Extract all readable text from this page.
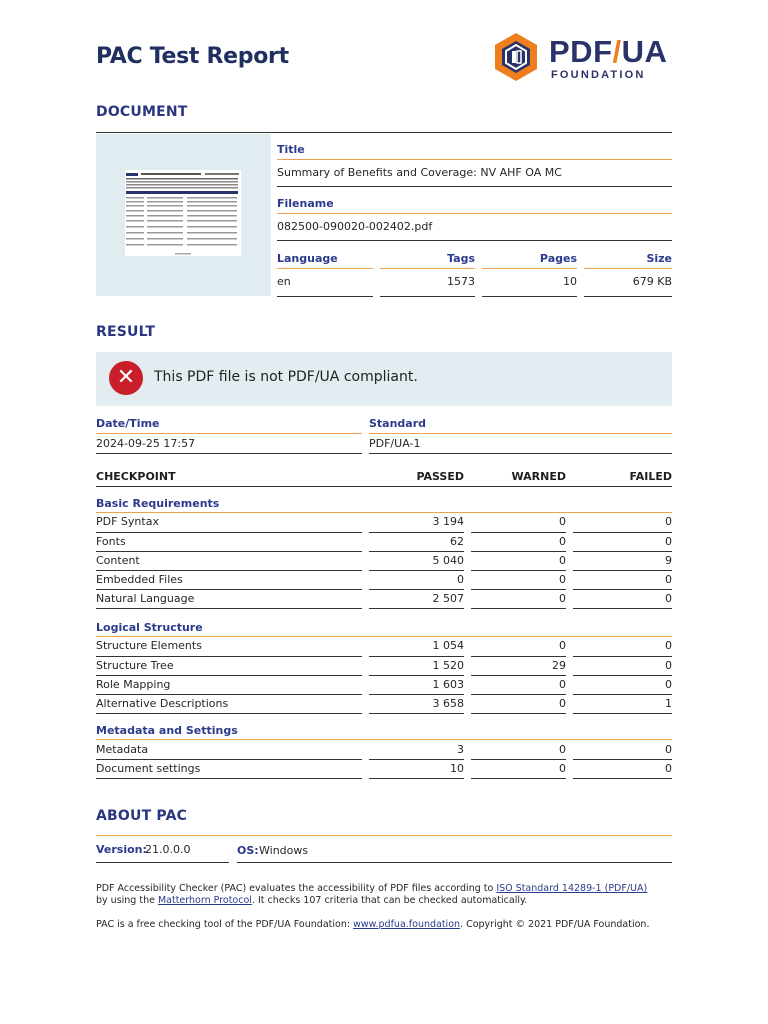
PAC Test Report	PDF/UA
FOUNDATION
DOCUMENT
Title
Summary of Benefits and Coverage: NV AHF OA MC
Filename
082500-090020-002402.pdf
Language	Tags	Pages	Size
en	1573	10	679 KB
RESULT
✕	This PDF file is not PDF/UA compliant.
Date/Time	Standard
2024-09-25 17:57	PDF/UA-1
CHECKPOINT	PASSED	WARNED	FAILED
Basic Requirements
PDF Syntax	3 194	0	0
Fonts	62	0	0
Content	5 040	0	9
Embedded Files	0	0	0
Natural Language	2 507	0	0
Logical Structure
Structure Elements	1 054	0	0
Structure Tree	1 520	29	0
Role Mapping	1 603	0	0
Alternative Descriptions	3 658	0	1
Metadata and Settings
Metadata	3	0	0
Document settings	10	0	0
ABOUT PAC
Version:
21.0.0.0	OS: Windows
PDF Accessibility Checker (PAC) evaluates the accessibility of PDF files according to ISO Standard 14289-1 (PDF/UA)
by using the Matterhorn Protocol. It checks 107 criteria that can be checked automatically.
PAC is a free checking tool of the PDF/UA Foundation: www.pdfua.foundation. Copyright © 2021 PDF/UA Foundation.
